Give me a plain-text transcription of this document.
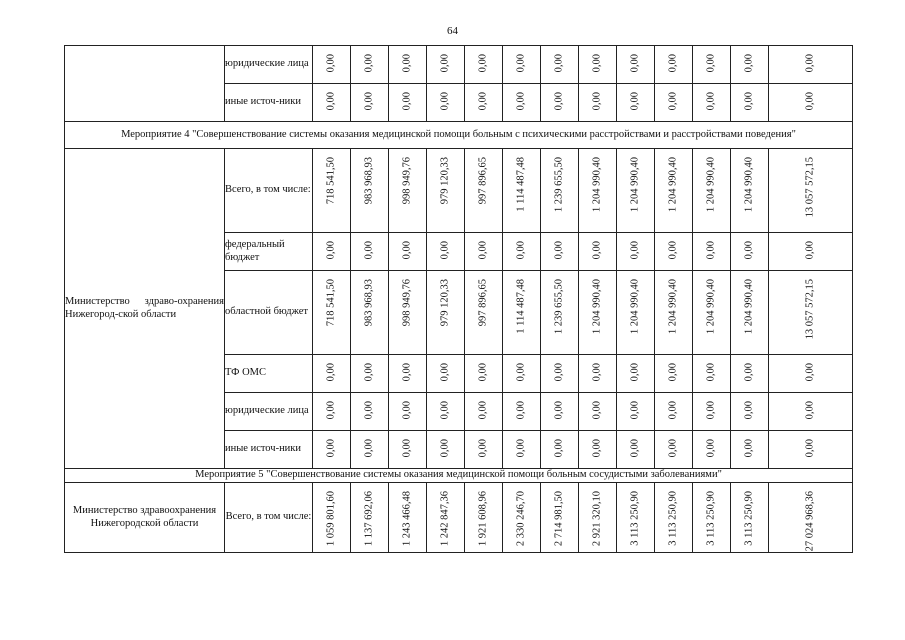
64
	юридические лица	0,00	0,00	0,00	0,00	0,00	0,00	0,00	0,00	0,00	0,00	0,00	0,00	0,00

	иные источ-ники	0,00	0,00	0,00	0,00	0,00	0,00	0,00	0,00	0,00	0,00	0,00	0,00	0,00

Мероприятие 4 "Совершенствование системы оказания медицинской помощи больным с психическими расстройствами и расстройствами поведения"														
Министерство здраво-охранения Нижегород-ской области	Всего, в том числе:	718 541,50	983 968,93	998 949,76	979 120,33	997 896,65	1 114 487,48	1 239 655,50	1 204 990,40	1 204 990,40	1 204 990,40	1 204 990,40	1 204 990,40	13 057 572,15

	федеральный бюджет	0,00	0,00	0,00	0,00	0,00	0,00	0,00	0,00	0,00	0,00	0,00	0,00	0,00

	областной бюджет	718 541,50	983 968,93	998 949,76	979 120,33	997 896,65	1 114 487,48	1 239 655,50	1 204 990,40	1 204 990,40	1 204 990,40	1 204 990,40	1 204 990,40	13 057 572,15

	ТФ ОМС	0,00	0,00	0,00	0,00	0,00	0,00	0,00	0,00	0,00	0,00	0,00	0,00	0,00

	юридические лица	0,00	0,00	0,00	0,00	0,00	0,00	0,00	0,00	0,00	0,00	0,00	0,00	0,00

	иные источ-ники	0,00	0,00	0,00	0,00	0,00	0,00	0,00	0,00	0,00	0,00	0,00	0,00	0,00

Мероприятие 5 "Совершенствование системы оказания медицинской помощи больным сосудистыми заболеваниями"														
Министерство здравоохранения Нижегородской области	Всего, в том числе:	1 059 801,60	1 137 692,06	1 243 466,48	1 242 847,36	1 921 608,96	2 330 246,70	2 714 981,50	2 921 320,10	3 113 250,90	3 113 250,90	3 113 250,90	3 113 250,90	27 024 968,36
